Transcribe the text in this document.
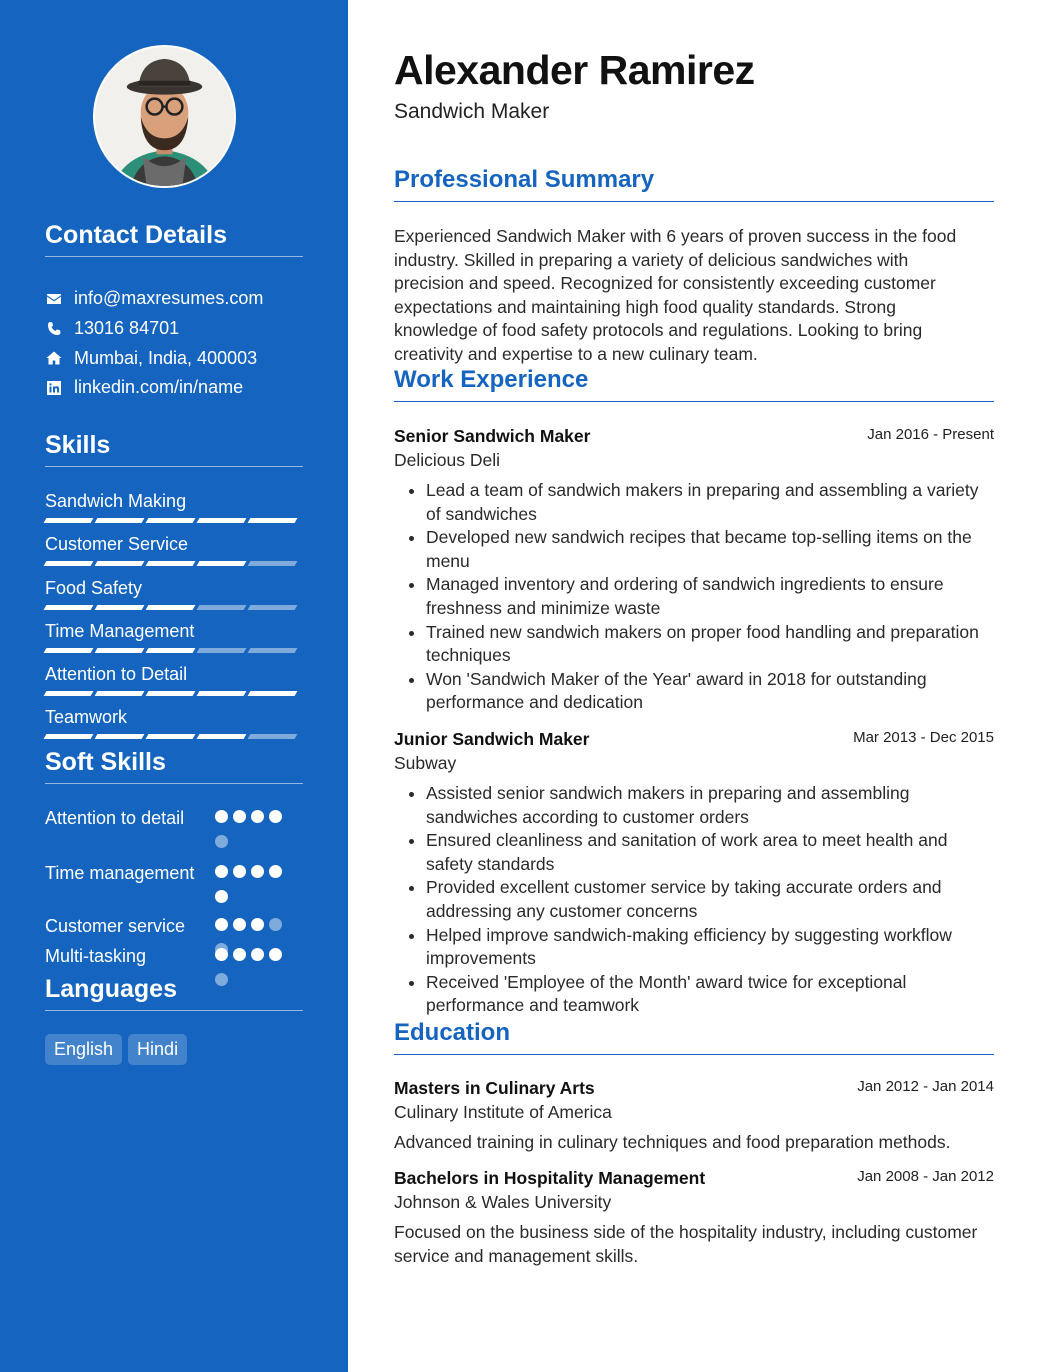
Contact Details
info@maxresumes.com
13016 84701
Mumbai, India, 400003
linkedin.com/in/name
Skills
Sandwich Making
Customer Service
Food Safety
Time Management
Attention to Detail
Teamwork
Soft Skills
Attention to detail
Time management
Customer service
Multi-tasking
Languages
English	Hindi
Alexander Ramirez
Sandwich Maker
Professional Summary

Experienced Sandwich Maker with 6 years of proven success in the food industry. Skilled in preparing a variety of delicious sandwiches with precision and speed. Recognized for consistently exceeding customer expectations and maintaining high food quality standards. Strong knowledge of food safety protocols and regulations. Looking to bring creativity and expertise to a new culinary team.

Work Experience
Senior Sandwich Maker	Jan 2016 - Present
Delicious Deli
• Lead a team of sandwich makers in preparing and assembling a variety of sandwiches
• Developed new sandwich recipes that became top-selling items on the menu
• Managed inventory and ordering of sandwich ingredients to ensure freshness and minimize waste
• Trained new sandwich makers on proper food handling and preparation techniques
• Won 'Sandwich Maker of the Year' award in 2018 for outstanding performance and dedication
Junior Sandwich Maker	Mar 2013 - Dec 2015
Subway
• Assisted senior sandwich makers in preparing and assembling sandwiches according to customer orders
• Ensured cleanliness and sanitation of work area to meet health and safety standards
• Provided excellent customer service by taking accurate orders and addressing any customer concerns
• Helped improve sandwich-making efficiency by suggesting workflow improvements
• Received 'Employee of the Month' award twice for exceptional performance and teamwork
Education
Masters in Culinary Arts	Jan 2012 - Jan 2014
Culinary Institute of America
Advanced training in culinary techniques and food preparation methods.
Bachelors in Hospitality Management	Jan 2008 - Jan 2012
Johnson & Wales University
Focused on the business side of the hospitality industry, including customer service and management skills.
